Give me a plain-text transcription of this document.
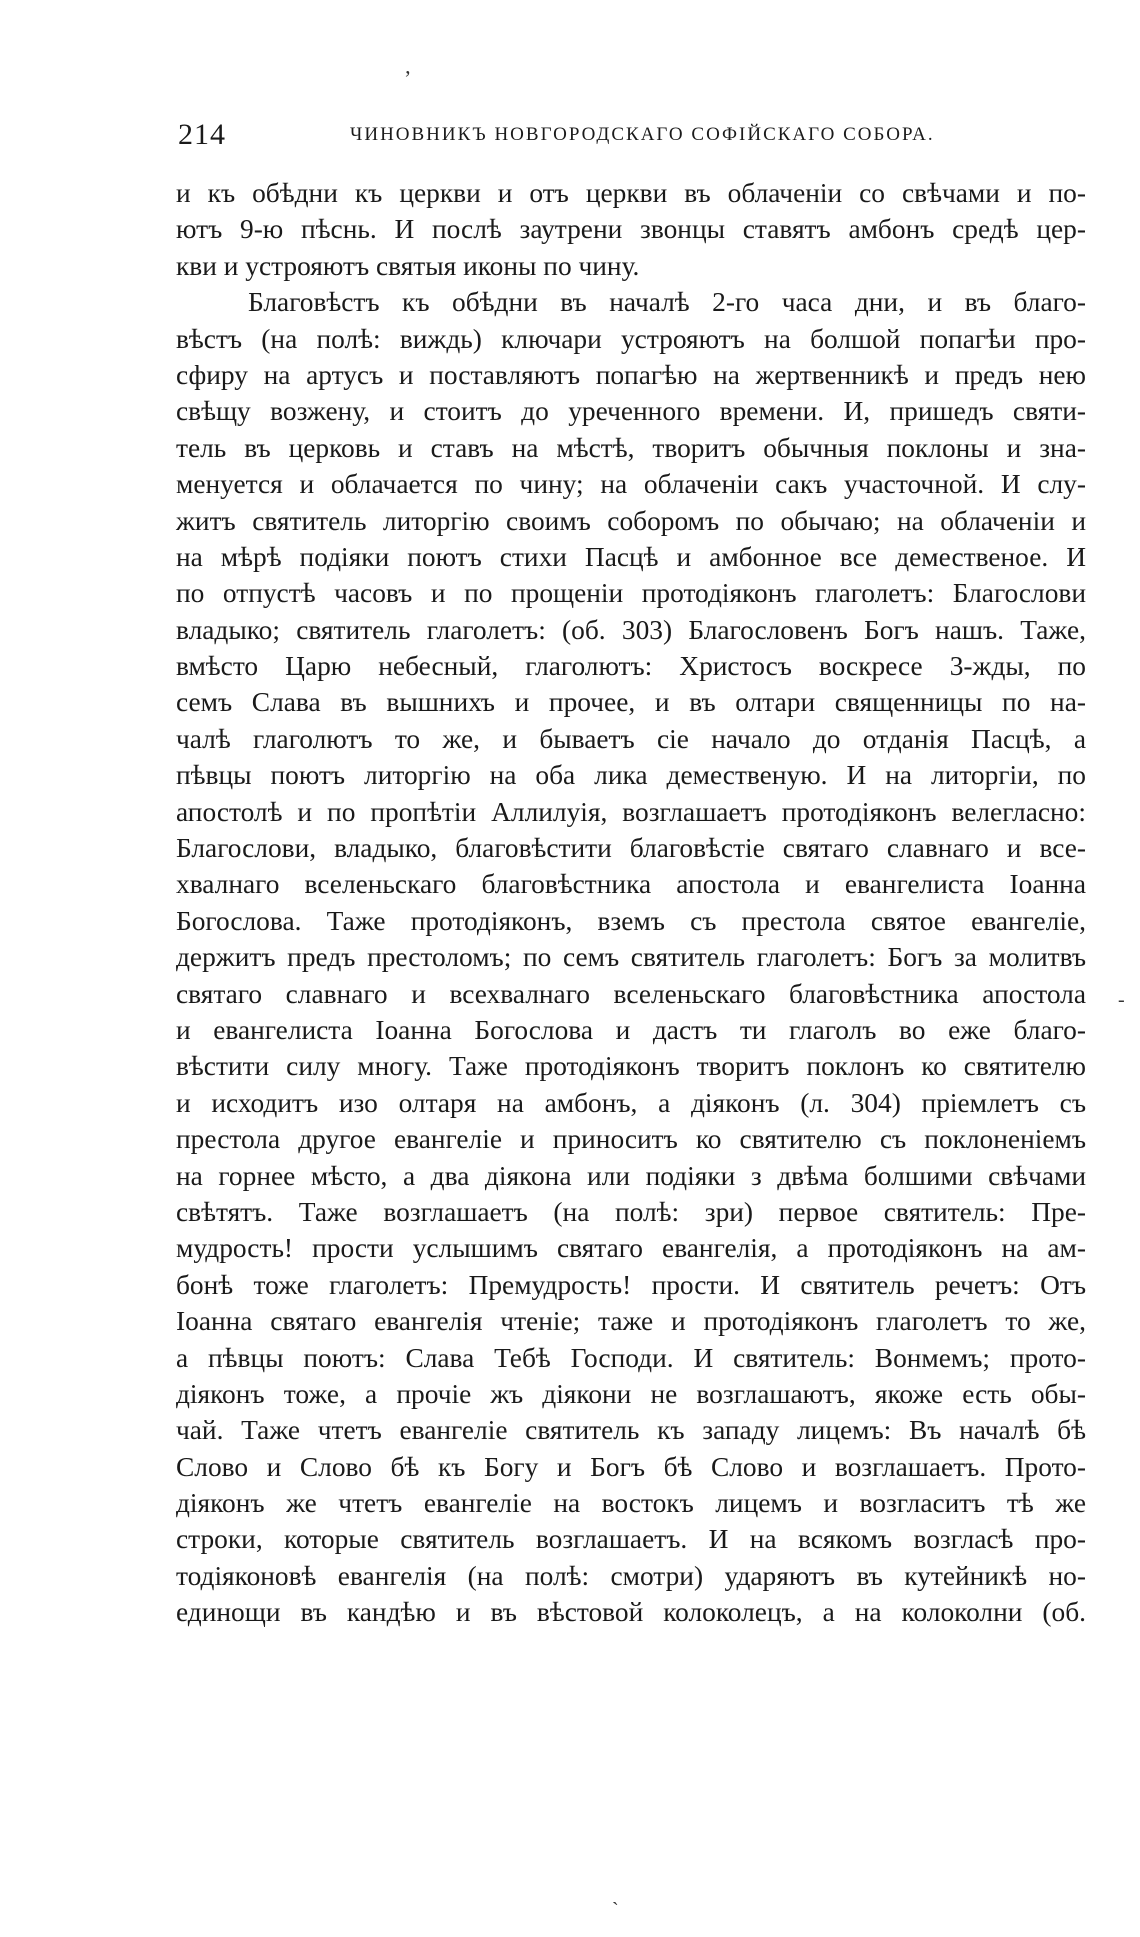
ʼ
-
ˋ
214	ЧИНОВНИКЪ НОВГОРОДСКАГО СОФІЙСКАГО СОБОРА.
и къ обѣдни къ церкви и отъ церкви въ облаченіи со свѣчами и по-
ютъ 9-ю пѣснь. И послѣ заутрени звонцы ставятъ амбонъ средѣ цер-
кви и устрояютъ святыя иконы по чину.
Благовѣстъ къ обѣдни въ началѣ 2-го часа дни, и въ благо-
вѣстъ (на полѣ: виждь) ключари устрояютъ на болшой попагѣи про-
сфиру на артусъ и поставляютъ попагѣю на жертвенникѣ и предъ нею
свѣщу возжену, и стоитъ до уреченного времени. И, пришедъ святи-
тель въ церковь и ставъ на мѣстѣ, творитъ обычныя поклоны и зна-
менуется и облачается по чину; на облаченіи сакъ участочной. И слу-
житъ святитель литоргію своимъ соборомъ по обычаю; на облаченіи и
на мѣрѣ подіяки поютъ стихи Пасцѣ и амбонное все демественое. И
по отпустѣ часовъ и по прощеніи протодіяконъ глаголетъ: Благослови
владыко; святитель глаголетъ: (об. 303) Благословенъ Богъ нашъ. Таже,
вмѣсто Царю небесный, глаголютъ: Христосъ воскресе 3-жды, по
семъ Слава въ вышнихъ и прочее, и въ олтари священницы по на-
чалѣ глаголютъ то же, и бываетъ сіе начало до отданія Пасцѣ, а
пѣвцы поютъ литоргію на оба лика демественую. И на литоргіи, по
апостолѣ и по пропѣтіи Аллилуія, возглашаетъ протодіяконъ велегласно:
Благослови, владыко, благовѣстити благовѣстіе святаго славнаго и все-
хвалнаго вселеньскаго благовѣстника апостола и евангелиста Іоанна
Богослова. Таже протодіяконъ, вземъ съ престола святое евангеліе,
держитъ предъ престоломъ; по семъ святитель глаголетъ: Богъ за молитвъ
святаго славнаго и всехвалнаго вселеньскаго благовѣстника апостола
и евангелиста Іоанна Богослова и дастъ ти глаголъ во еже благо-
вѣстити силу многу. Таже протодіяконъ творитъ поклонъ ко святителю
и исходитъ изо олтаря на амбонъ, а діяконъ (л. 304) пріемлетъ съ
престола другое евангеліе и приноситъ ко святителю съ поклоненіемъ
на горнее мѣсто, а два діякона или подіяки з двѣма болшими свѣчами
свѣтятъ. Таже возглашаетъ (на полѣ: зри) первое святитель: Пре-
мудрость! прости услышимъ святаго евангелія, а протодіяконъ на ам-
бонѣ тоже глаголетъ: Премудрость! прости. И святитель речетъ: Отъ
Іоанна святаго евангелія чтеніе; таже и протодіяконъ глаголетъ то же,
а пѣвцы поютъ: Слава Тебѣ Господи. И святитель: Вонмемъ; прото-
діяконъ тоже, а прочіе жъ діякони не возглашаютъ, якоже есть обы-
чай. Таже чтетъ евангеліе святитель къ западу лицемъ: Въ началѣ бѣ
Слово и Слово бѣ къ Богу и Богъ бѣ Слово и возглашаетъ. Прото-
діяконъ же чтетъ евангеліе на востокъ лицемъ и возгласитъ тѣ же
строки, которые святитель возглашаетъ. И на всякомъ возгласѣ про-
тодіяконовѣ евангелія (на полѣ: смотри) ударяютъ въ кутейникѣ но-
единощи въ кандѣю и въ вѣстовой колоколецъ, а на колоколни (об.
